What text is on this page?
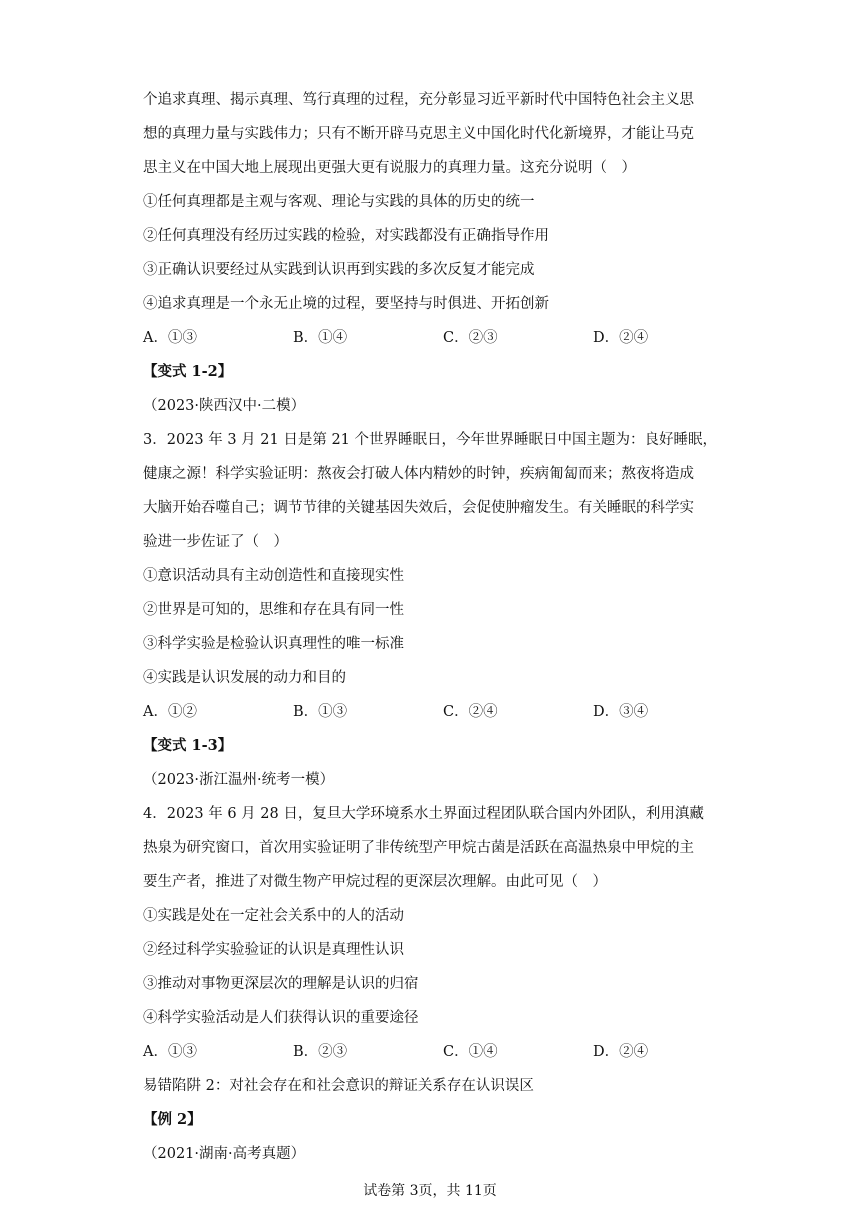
个追求真理、揭示真理、笃行真理的过程，充分彰显习近平新时代中国特色社会主义思
想的真理力量与实践伟力；只有不断开辟马克思主义中国化时代化新境界，才能让马克
思主义在中国大地上展现出更强大更有说服力的真理力量。这充分说明（　）
①任何真理都是主观与客观、理论与实践的具体的历史的统一
②任何真理没有经历过实践的检验，对实践都没有正确指导作用
③正确认识要经过从实践到认识再到实践的多次反复才能完成
④追求真理是一个永无止境的过程，要坚持与时俱进、开拓创新
A．①③	B．①④	C．②③	D．②④
【变式 1-2】
（2023·陕西汉中·二模）
3．2023 年 3 月 21 日是第 21 个世界睡眠日，今年世界睡眠日中国主题为：良好睡眠，
健康之源！科学实验证明：熬夜会打破人体内精妙的时钟，疾病匍匐而来；熬夜将造成
大脑开始吞噬自己；调节节律的关键基因失效后，会促使肿瘤发生。有关睡眠的科学实
验进一步佐证了（　）
①意识活动具有主动创造性和直接现实性
②世界是可知的，思维和存在具有同一性
③科学实验是检验认识真理性的唯一标准
④实践是认识发展的动力和目的
A．①②	B．①③	C．②④	D．③④
【变式 1-3】
（2023·浙江温州·统考一模）
4．2023 年 6 月 28 日，复旦大学环境系水土界面过程团队联合国内外团队，利用滇藏
热泉为研究窗口，首次用实验证明了非传统型产甲烷古菌是活跃在高温热泉中甲烷的主
要生产者，推进了对微生物产甲烷过程的更深层次理解。由此可见（　）
①实践是处在一定社会关系中的人的活动
②经过科学实验验证的认识是真理性认识
③推动对事物更深层次的理解是认识的归宿
④科学实验活动是人们获得认识的重要途径
A．①③	B．②③	C．①④	D．②④
易错陷阱 2：对社会存在和社会意识的辩证关系存在认识误区
【例 2】
（2021·湖南·高考真题）
试卷第 3页，共 11页
